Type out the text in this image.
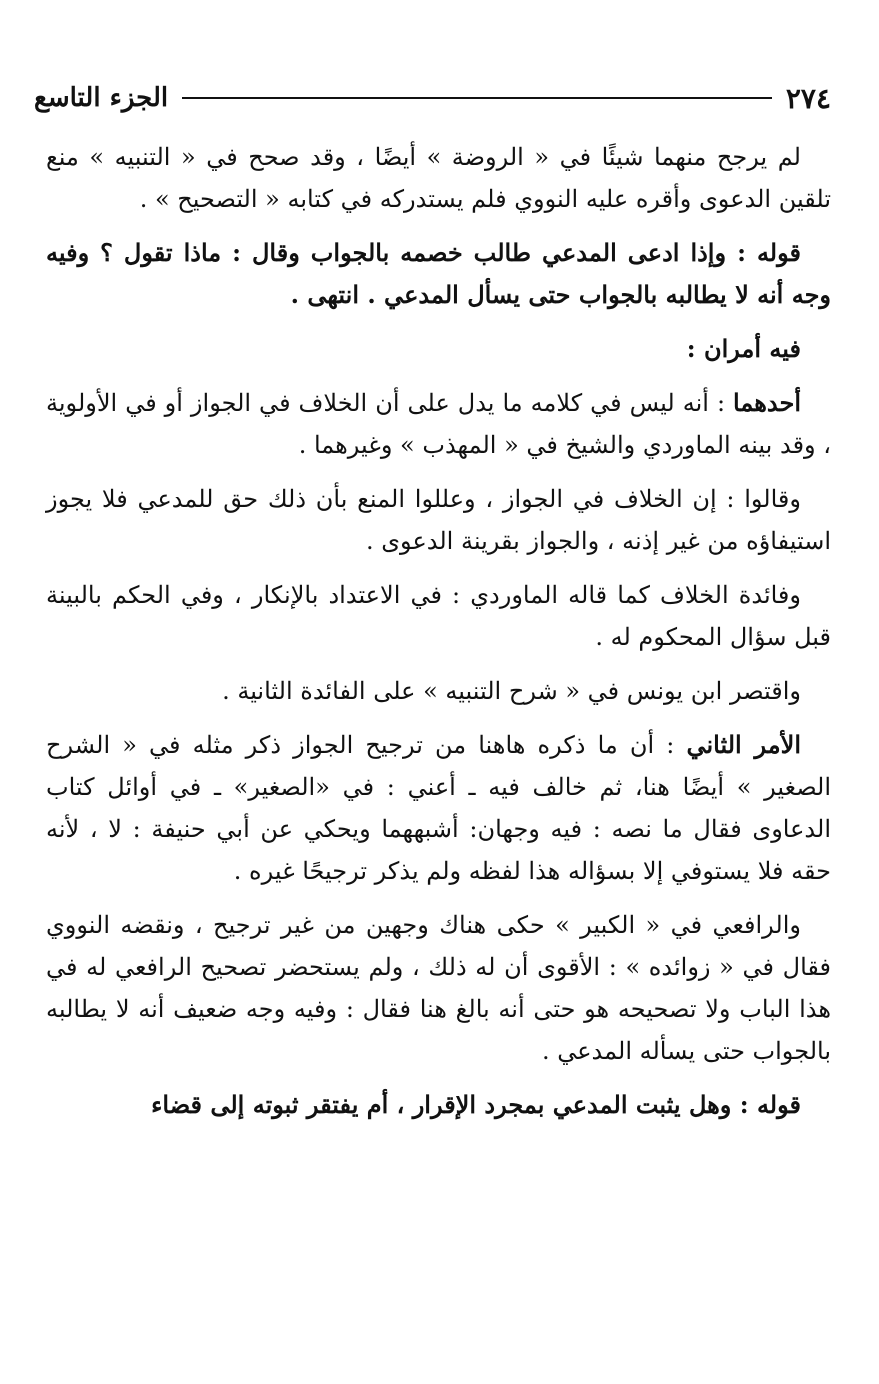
٢٧٤
الجزء التاسع

لم يرجح منهما شيئًا في « الروضة » أيضًا ، وقد صحح في « التنبيه » منع تلقين الدعوى وأقره عليه النووي فلم يستدركه في كتابه « التصحيح » .

قوله : وإذا ادعى المدعي طالب خصمه بالجواب وقال : ماذا تقول ؟ وفيه وجه أنه لا يطالبه بالجواب حتى يسأل المدعي . انتهى .

فيه أمران :

أحدهما : أنه ليس في كلامه ما يدل على أن الخلاف في الجواز أو في الأولوية ، وقد بينه الماوردي والشيخ في « المهذب » وغيرهما .

وقالوا : إن الخلاف في الجواز ، وعللوا المنع بأن ذلك حق للمدعي فلا يجوز استيفاؤه من غير إذنه ، والجواز بقرينة الدعوى .

وفائدة الخلاف كما قاله الماوردي : في الاعتداد بالإنكار ، وفي الحكم بالبينة قبل سؤال المحكوم له .

واقتصر ابن يونس في « شرح التنبيه » على الفائدة الثانية .

الأمر الثاني : أن ما ذكره هاهنا من ترجيح الجواز ذكر مثله في « الشرح الصغير » أيضًا هنا، ثم خالف فيه ـ أعني : في «الصغير» ـ في أوائل كتاب الدعاوى فقال ما نصه : فيه وجهان: أشبههما ويحكي عن أبي حنيفة : لا ، لأنه حقه فلا يستوفي إلا بسؤاله هذا لفظه ولم يذكر ترجيحًا غيره .

والرافعي في « الكبير » حكى هناك وجهين من غير ترجيح ، ونقضه النووي فقال في « زوائده » : الأقوى أن له ذلك ، ولم يستحضر تصحيح الرافعي له في هذا الباب ولا تصحيحه هو حتى أنه بالغ هنا فقال : وفيه وجه ضعيف أنه لا يطالبه بالجواب حتى يسأله المدعي .

قوله : وهل يثبت المدعي بمجرد الإقرار ، أم يفتقر ثبوته إلى قضاء
